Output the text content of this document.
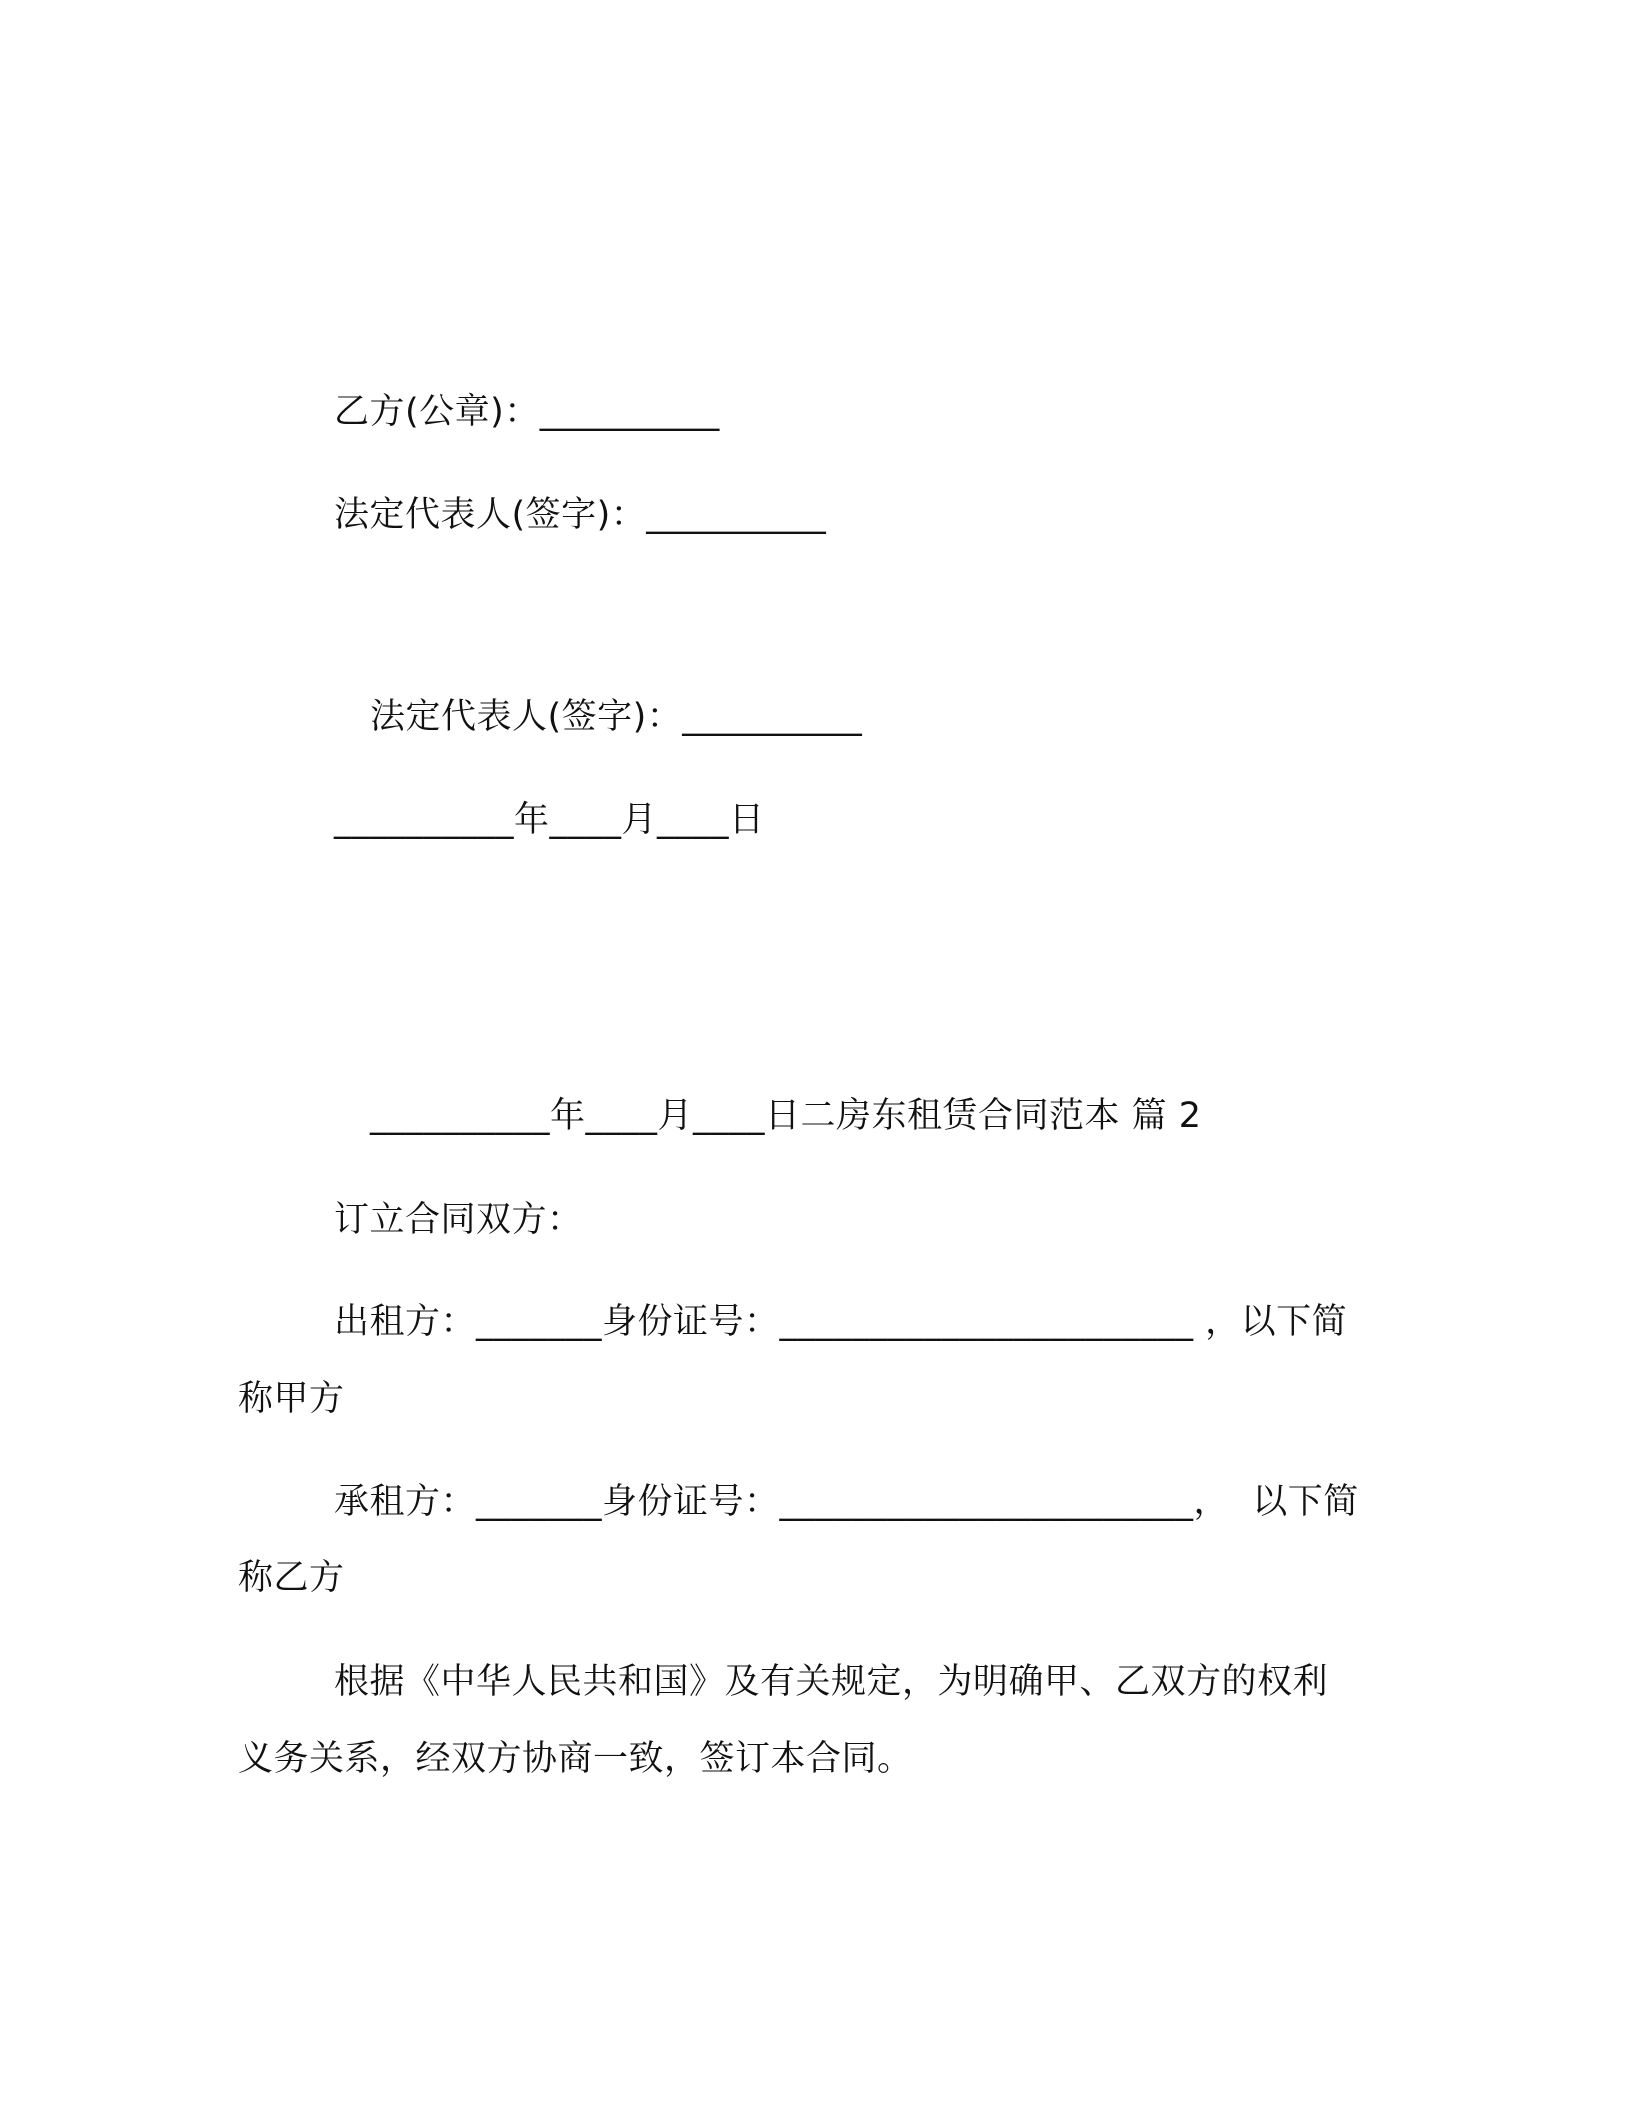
乙方(公章)：__________
法定代表人(签字)：__________
法定代表人(签字)：__________
__________年____月____日
__________年____月____日二房东租赁合同范本 篇 2
订立合同双方：
出租方：_______身份证号：_______________________ ，以下简
称甲方
承租方：_______身份证号：_______________________，  以下简
称乙方
根据《中华人民共和国》及有关规定，为明确甲、乙双方的权利
义务关系，经双方协商一致，签订本合同。
